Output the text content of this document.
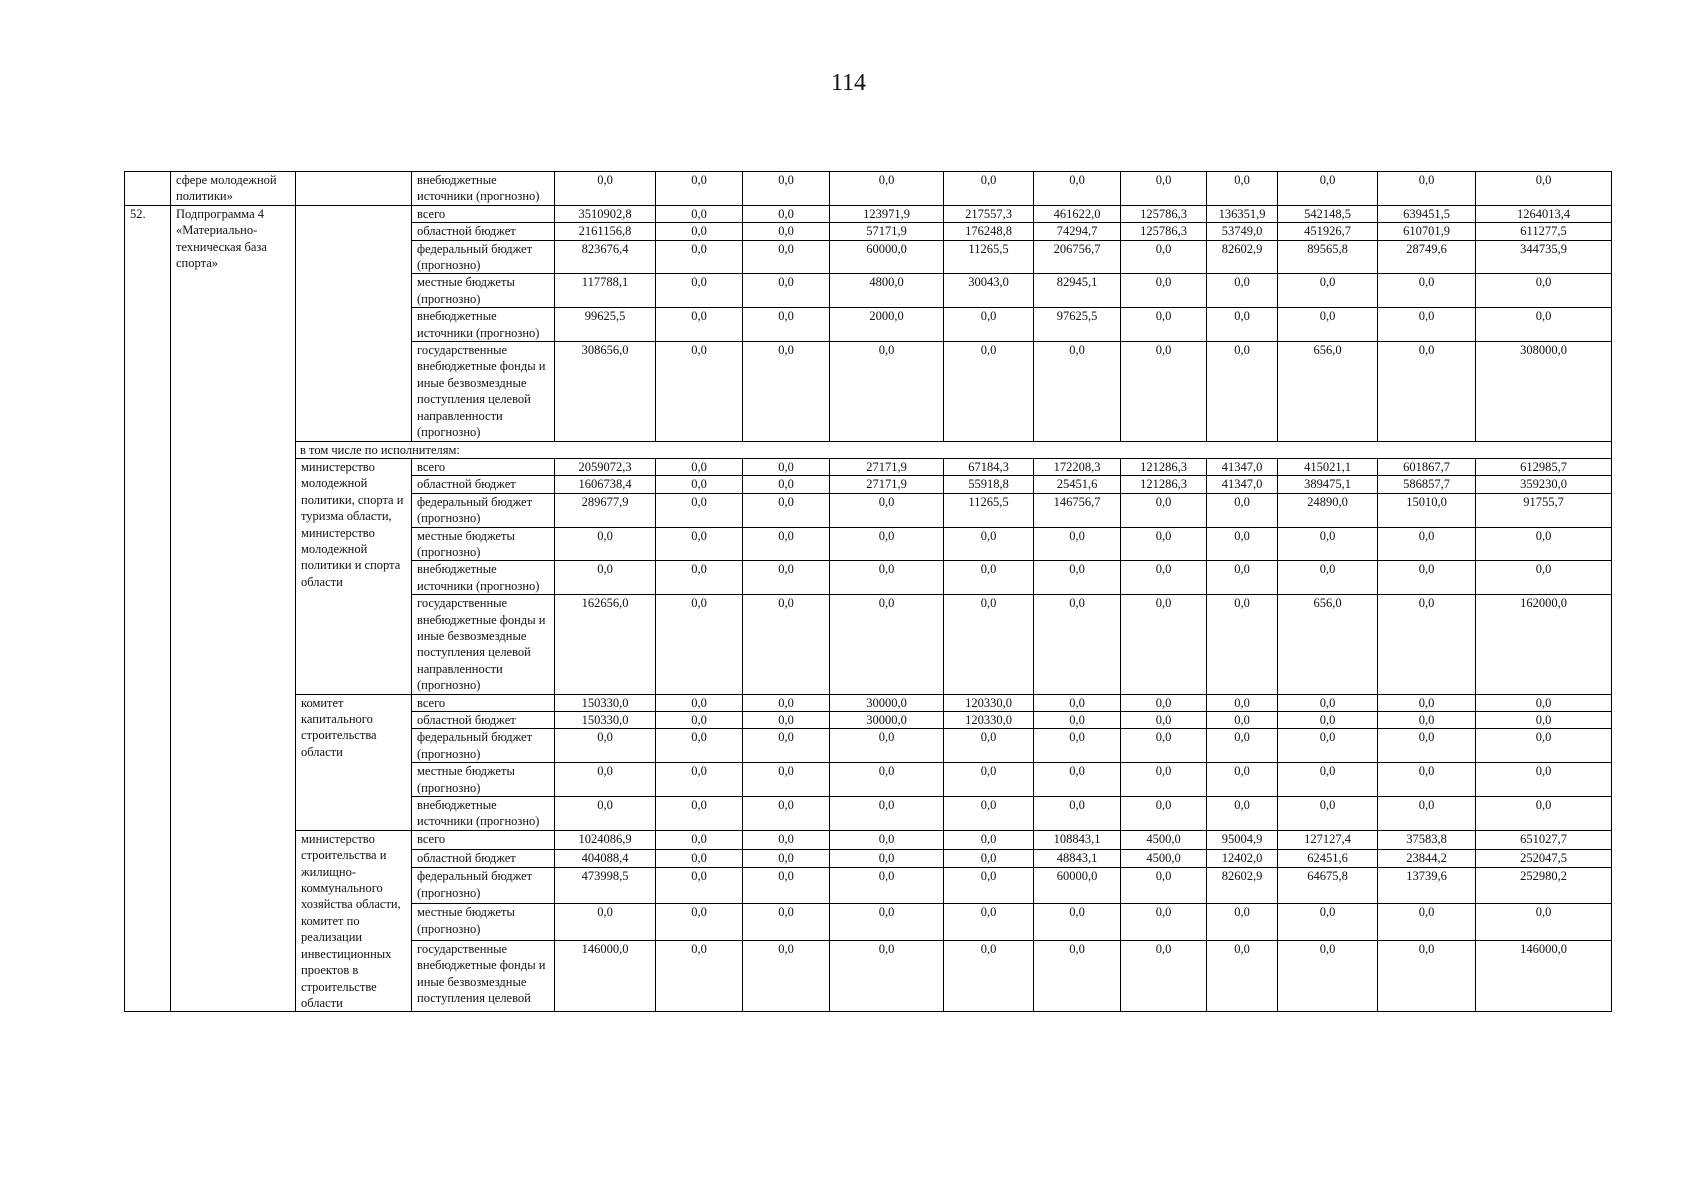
114
	сфере молодежной политики»		внебюджетные источники (прогнозно)	0,0	0,0	0,0	0,0	0,0	0,0	0,0	0,0	0,0	0,0	0,0
52.	Подпрограмма 4 «Материально-техническая база спорта»		всего	3510902,8	0,0	0,0	123971,9	217557,3	461622,0	125786,3	136351,9	542148,5	639451,5	1264013,4
			областной бюджет	2161156,8	0,0	0,0	57171,9	176248,8	74294,7	125786,3	53749,0	451926,7	610701,9	611277,5
			федеральный бюджет (прогнозно)	823676,4	0,0	0,0	60000,0	11265,5	206756,7	0,0	82602,9	89565,8	28749,6	344735,9
			местные бюджеты (прогнозно)	117788,1	0,0	0,0	4800,0	30043,0	82945,1	0,0	0,0	0,0	0,0	0,0
			внебюджетные источники (прогнозно)	99625,5	0,0	0,0	2000,0	0,0	97625,5	0,0	0,0	0,0	0,0	0,0
			государственные внебюджетные фонды и иные безвозмездные поступления целевой направленности (прогнозно)	308656,0	0,0	0,0	0,0	0,0	0,0	0,0	0,0	656,0	0,0	308000,0
		в том числе по исполнителям:												
		министерство молодежной политики, спорта и туризма области, министерство молодежной политики и спорта области	всего	2059072,3	0,0	0,0	27171,9	67184,3	172208,3	121286,3	41347,0	415021,1	601867,7	612985,7
			областной бюджет	1606738,4	0,0	0,0	27171,9	55918,8	25451,6	121286,3	41347,0	389475,1	586857,7	359230,0
			федеральный бюджет (прогнозно)	289677,9	0,0	0,0	0,0	11265,5	146756,7	0,0	0,0	24890,0	15010,0	91755,7
			местные бюджеты (прогнозно)	0,0	0,0	0,0	0,0	0,0	0,0	0,0	0,0	0,0	0,0	0,0
			внебюджетные источники (прогнозно)	0,0	0,0	0,0	0,0	0,0	0,0	0,0	0,0	0,0	0,0	0,0
			государственные внебюджетные фонды и иные безвозмездные поступления целевой направленности (прогнозно)	162656,0	0,0	0,0	0,0	0,0	0,0	0,0	0,0	656,0	0,0	162000,0
		комитет капитального строительства области	всего	150330,0	0,0	0,0	30000,0	120330,0	0,0	0,0	0,0	0,0	0,0	0,0
			областной бюджет	150330,0	0,0	0,0	30000,0	120330,0	0,0	0,0	0,0	0,0	0,0	0,0
			федеральный бюджет (прогнозно)	0,0	0,0	0,0	0,0	0,0	0,0	0,0	0,0	0,0	0,0	0,0
			местные бюджеты (прогнозно)	0,0	0,0	0,0	0,0	0,0	0,0	0,0	0,0	0,0	0,0	0,0
			внебюджетные источники (прогнозно)	0,0	0,0	0,0	0,0	0,0	0,0	0,0	0,0	0,0	0,0	0,0
		министерство строительства и жилищно-коммунального хозяйства области, комитет по реализации инвестиционных проектов в строительстве области	всего	1024086,9	0,0	0,0	0,0	0,0	108843,1	4500,0	95004,9	127127,4	37583,8	651027,7
			областной бюджет	404088,4	0,0	0,0	0,0	0,0	48843,1	4500,0	12402,0	62451,6	23844,2	252047,5
			федеральный бюджет (прогнозно)	473998,5	0,0	0,0	0,0	0,0	60000,0	0,0	82602,9	64675,8	13739,6	252980,2
			местные бюджеты (прогнозно)	0,0	0,0	0,0	0,0	0,0	0,0	0,0	0,0	0,0	0,0	0,0
			государственные внебюджетные фонды и иные безвозмездные поступления целевой	146000,0	0,0	0,0	0,0	0,0	0,0	0,0	0,0	0,0	0,0	146000,0
